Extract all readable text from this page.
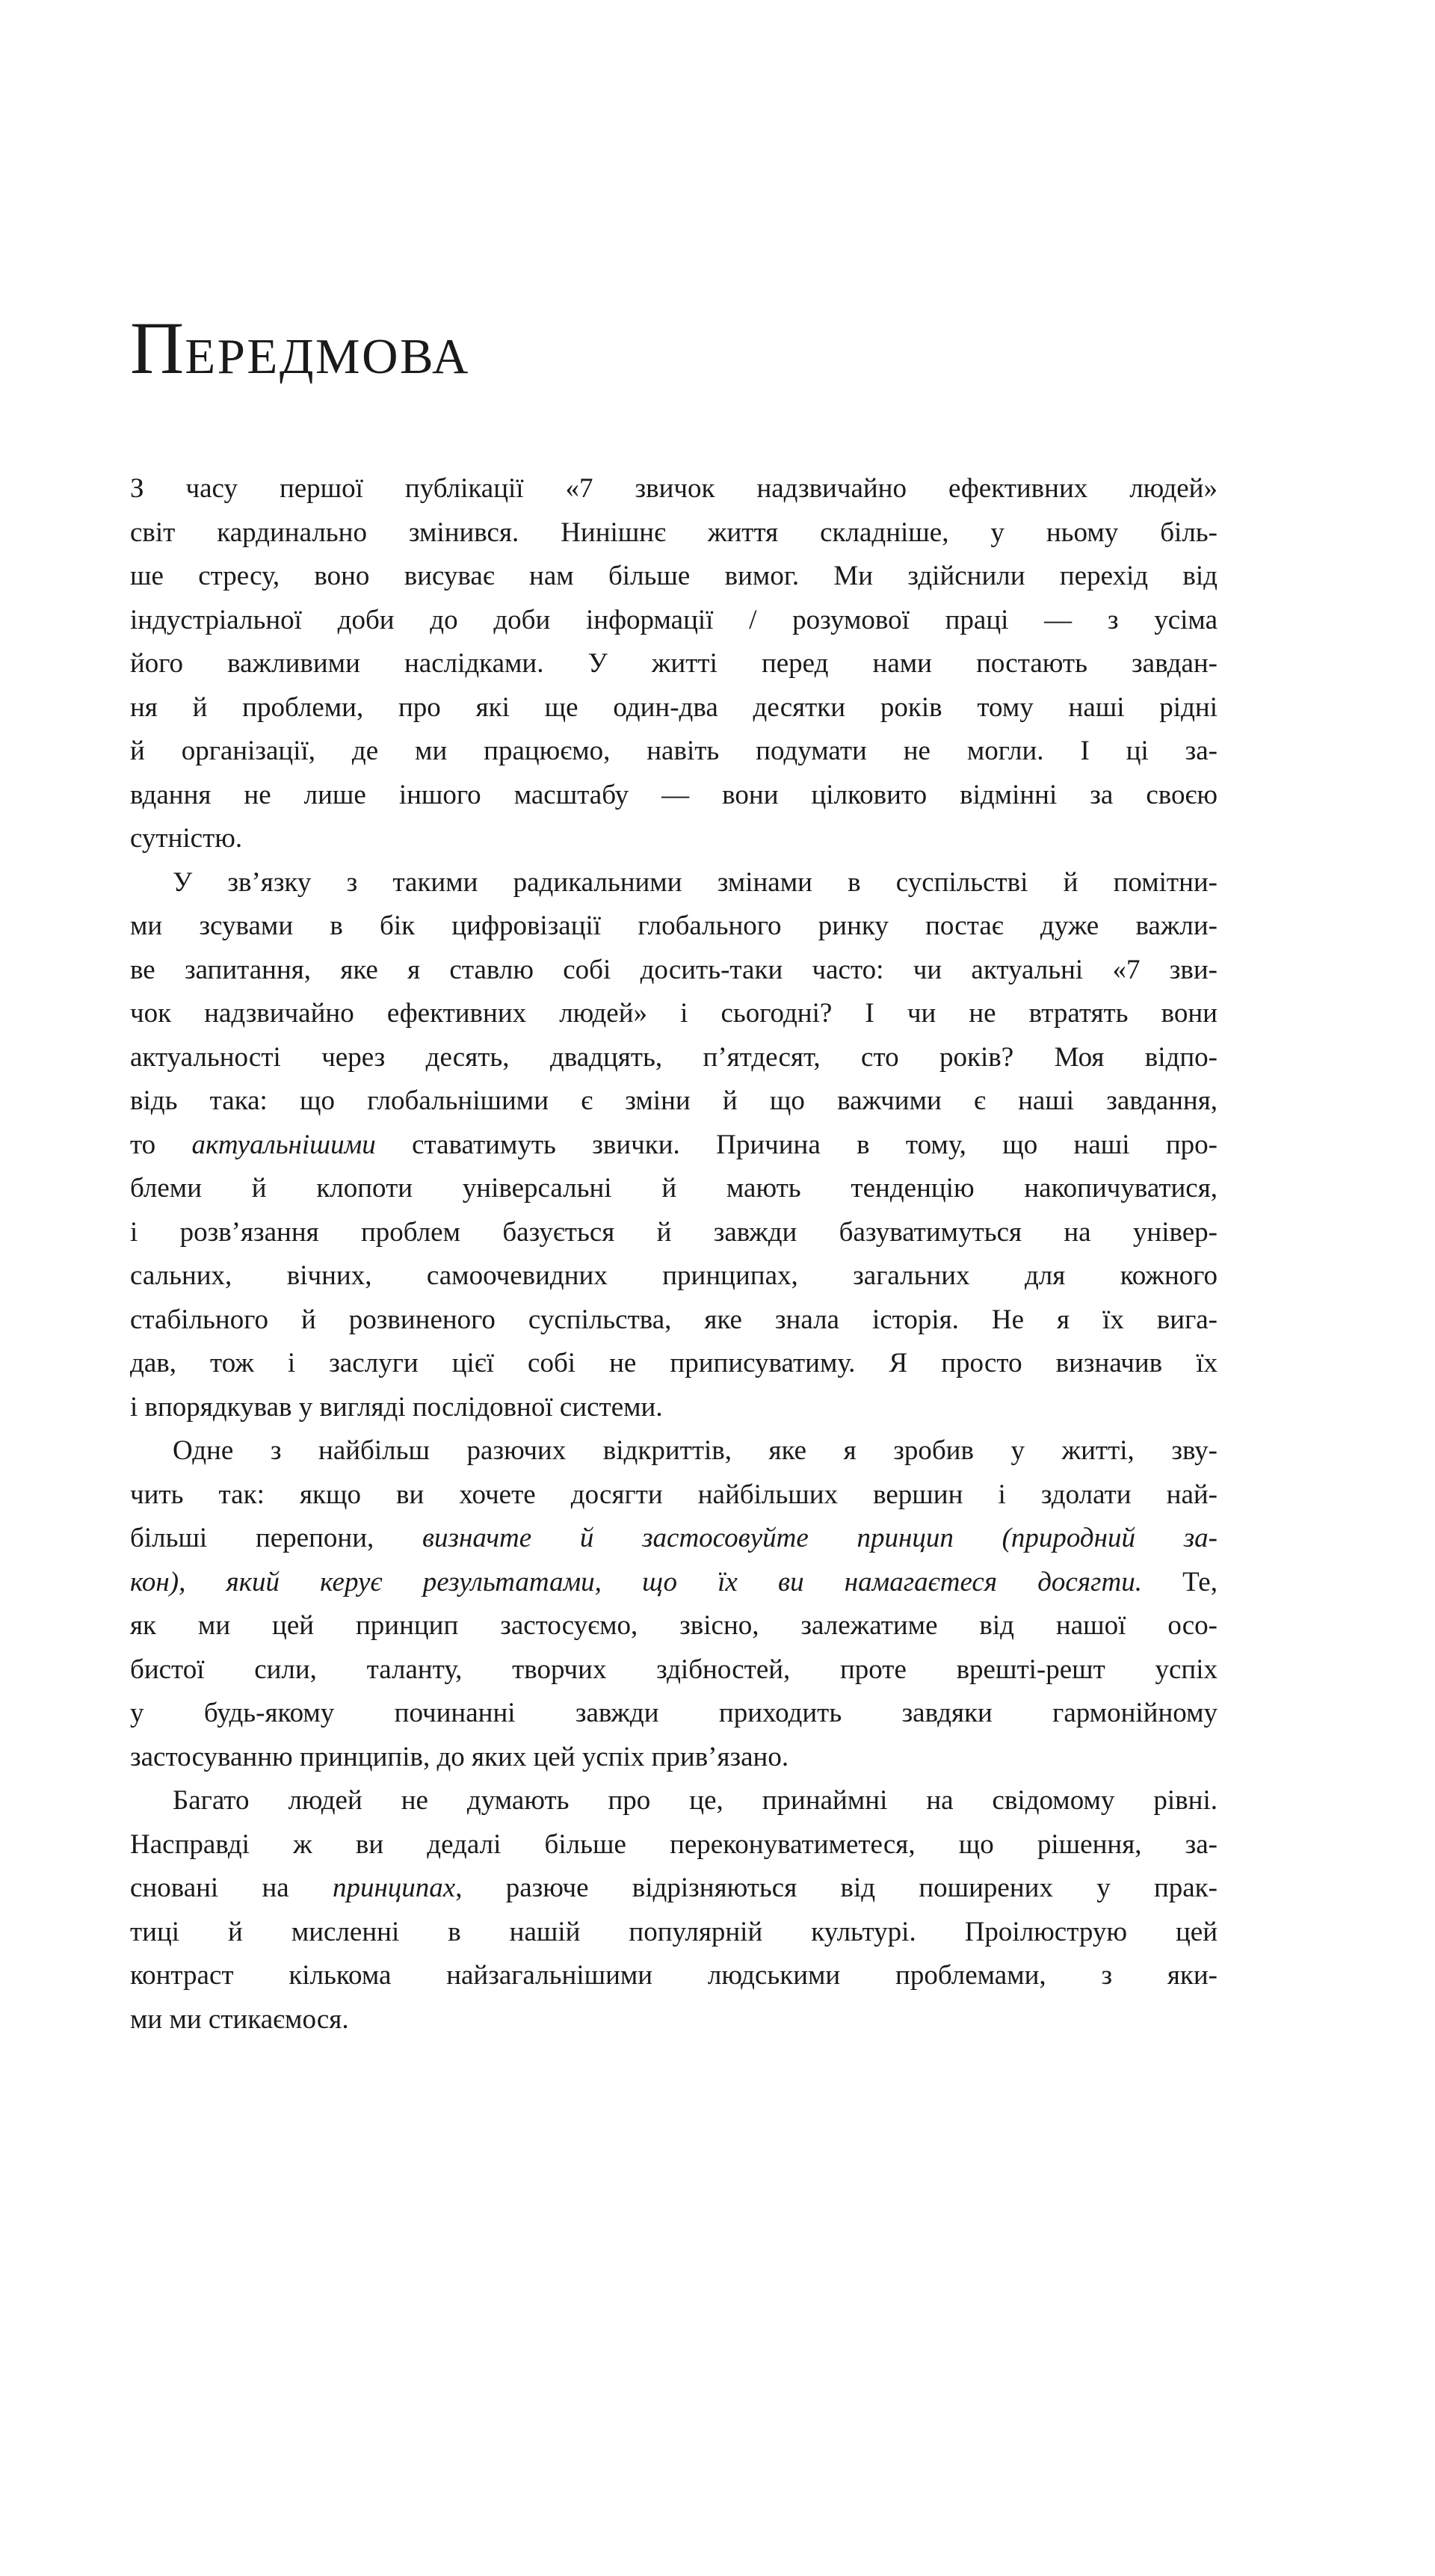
ПЕРЕДМОВА
З часу першої публікації «7 звичок надзвичайно ефективних людей»
світ кардинально змінився. Нинішнє життя складніше, у ньому біль-
ше стресу, воно висуває нам більше вимог. Ми здійснили перехід від
індустріальної доби до доби інформації / розумової праці — з усіма
його важливими наслідками. У житті перед нами постають завдан-
ня й проблеми, про які ще один-два десятки років тому наші рідні
й організації, де ми працюємо, навіть подумати не могли. І ці за-
вдання не лише іншого масштабу — вони цілковито відмінні за своєю
сутністю.
У зв’язку з такими радикальними змінами в суспільстві й помітни-
ми зсувами в бік цифровізації глобального ринку постає дуже важли-
ве запитання, яке я ставлю собі досить-таки часто: чи актуальні «7 зви-
чок надзвичайно ефективних людей» і сьогодні? І чи не втратять вони
актуальності через десять, двадцять, п’ятдесят, сто років? Моя відпо-
відь така: що глобальнішими є зміни й що важчими є наші завдання,
то актуальнішими ставатимуть звички. Причина в тому, що наші про-
блеми й клопоти універсальні й мають тенденцію накопичуватися,
і розв’язання проблем базується й завжди базуватимуться на універ-
сальних, вічних, самоочевидних принципах, загальних для кожного
стабільного й розвиненого суспільства, яке знала історія. Не я їх вига-
дав, тож і заслуги цієї собі не приписуватиму. Я просто визначив їх
і впорядкував у вигляді послідовної системи.
Одне з найбільш разючих відкриттів, яке я зробив у житті, зву-
чить так: якщо ви хочете досягти найбільших вершин і здолати най-
більші перепони, визначте й застосовуйте принцип (природний за-
кон), який керує результатами, що їх ви намагаєтеся досягти. Те,
як ми цей принцип застосуємо, звісно, залежатиме від нашої осо-
бистої сили, таланту, творчих здібностей, проте врешті-решт успіх
у будь-якому починанні завжди приходить завдяки гармонійному
застосуванню принципів, до яких цей успіх прив’язано.
Багато людей не думають про це, принаймні на свідомому рівні.
Насправді ж ви дедалі більше переконуватиметеся, що рішення, за-
сновані на принципах, разюче відрізняються від поширених у прак-
тиці й мисленні в нашій популярній культурі. Проілюструю цей
контраст кількома найзагальнішими людськими проблемами, з яки-
ми ми стикаємося.
